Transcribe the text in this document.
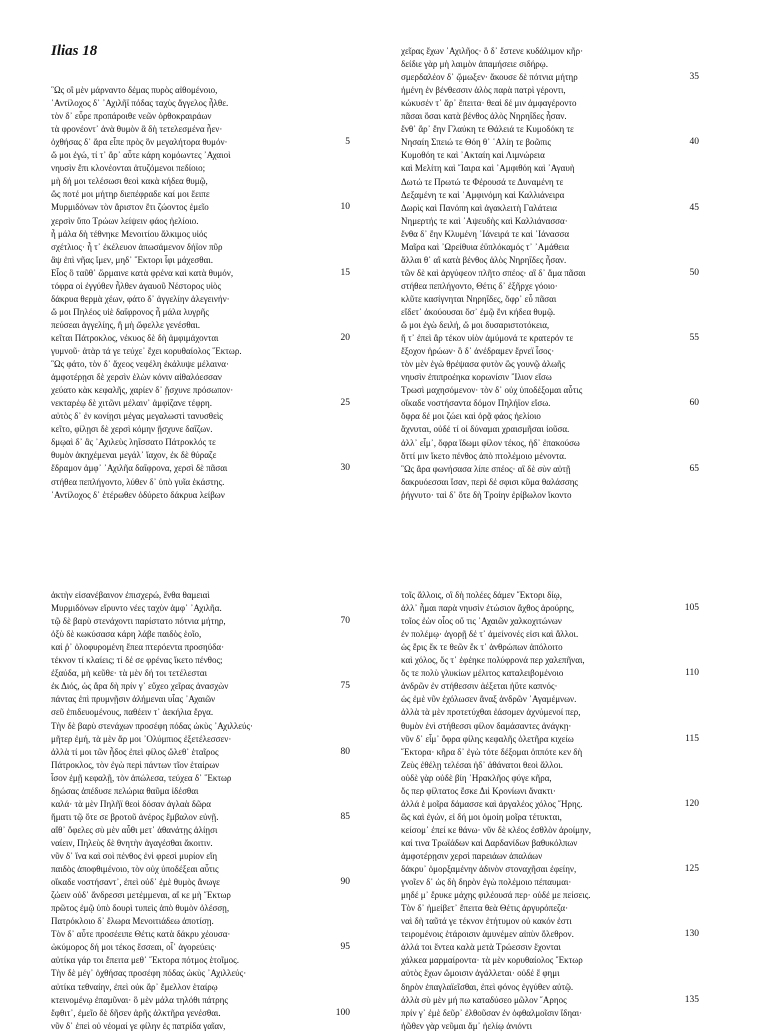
Ilias 18
῝Ως οἳ μὲν μάρναντο δέμας πυρὸς αἰθομένοιο,
᾽Αντίλοχος δ᾽ ᾽Αχιλῆϊ πόδας ταχὺς ἄγγελος ἦλθε.
τὸν δ᾽ εὗρε προπάροιθε νεῶν ὀρθοκραιράων
τὰ φρονέοντ᾽ ἀνὰ θυμὸν ἃ δὴ τετελεσμένα ἦεν·
ὀχθήσας δ᾽ ἄρα εἶπε πρὸς ὃν μεγαλήτορα θυμόν·
ὤ μοι ἐγώ, τί τ᾽ ἄρ᾽ αὖτε κάρη κομόωντες ᾽Αχαιοὶ
νηυσὶν ἔπι κλονέονται ἀτυζόμενοι πεδίοιο;
μὴ δή μοι τελέσωσι θεοὶ κακὰ κήδεα θυμῷ,
ὥς ποτέ μοι μήτηρ διεπέφραδε καί μοι ἔειπε
Μυρμιδόνων τὸν ἄριστον ἔτι ζώοντος ἐμεῖο
χερσὶν ὕπο Τρώων λείψειν φάος ἠελίοιο.
ἦ μάλα δὴ τέθνηκε Μενοιτίου ἄλκιμος υἱός
σχέτλιος· ἦ τ᾽ ἐκέλευον ἀπωσάμενον δήϊον πῦρ
ἂψ ἐπὶ νῆας ἴμεν, μηδ᾽ ῞Εκτορι ἶφι μάχεσθαι.
Εἷος ὃ ταῦθ᾽ ὥρμαινε κατὰ φρένα καὶ κατὰ θυμόν,
τόφρα οἱ ἐγγύθεν ἦλθεν ἀγαυοῦ Νέστορος υἱὸς
δάκρυα θερμὰ χέων, φάτο δ᾽ ἀγγελίην ἀλεγεινήν·
ὤ μοι Πηλέος υἱὲ δαΐφρονος ἦ μάλα λυγρῆς
πεύσεαι ἀγγελίης, ἣ μὴ ὤφελλε γενέσθαι.
κεῖται Πάτροκλος, νέκυος δὲ δὴ ἀμφιμάχονται
γυμνοῦ· ἀτὰρ τά γε τεύχε᾽ ἔχει κορυθαίολος ῞Εκτωρ.
῝Ως φάτο, τὸν δ᾽ ἄχεος νεφέλη ἐκάλυψε μέλαινα·
ἀμφοτέρῃσι δὲ χερσὶν ἑλὼν κόνιν αἰθαλόεσσαν
χεύατο κὰκ κεφαλῆς, χαρίεν δ᾽ ᾔσχυνε πρόσωπον·
νεκταρέῳ δὲ χιτῶνι μέλαιν᾽ ἀμφίζανε τέφρη.
αὐτὸς δ᾽ ἐν κονίῃσι μέγας μεγαλωστὶ τανυσθεὶς
κεῖτο, φίλῃσι δὲ χερσὶ κόμην ᾔσχυνε δαΐζων.
δμῳαὶ δ᾽ ἃς ᾽Αχιλεὺς ληΐσσατο Πάτροκλός τε
θυμὸν ἀκηχέμεναι μεγάλ᾽ ἴαχον, ἐκ δὲ θύραζε
ἔδραμον ἀμφ᾽ ᾽Αχιλῆα δαΐφρονα, χερσὶ δὲ πᾶσαι
στήθεα πεπλήγοντο, λύθεν δ᾽ ὑπὸ γυῖα ἑκάστης.
᾽Αντίλοχος δ᾽ ἑτέρωθεν ὀδύρετο δάκρυα λείβων
5
10
15
20
25
30
χεῖρας ἔχων ᾽Αχιλῆος· ὃ δ᾽ ἔστενε κυδάλιμον κῆρ·
δείδιε γὰρ μὴ λαιμὸν ἀπαμήσειε σιδήρῳ.
σμερδαλέον δ᾽ ᾤμωξεν· ἄκουσε δὲ πότνια μήτηρ
ἡμένη ἐν βένθεσσιν ἁλὸς παρὰ πατρὶ γέροντι,
κώκυσέν τ᾽ ἄρ᾽ ἔπειτα· θεαὶ δέ μιν ἀμφαγέροντο
πᾶσαι ὅσαι κατὰ βένθος ἁλὸς Νηρηΐδες ἦσαν.
ἔνθ᾽ ἄρ᾽ ἔην Γλαύκη τε Θάλειά τε Κυμοδόκη τε
Νησαίη Σπειώ τε Θόη θ᾽ ῾Αλίη τε βοῶπις
Κυμοθόη τε καὶ ᾽Ακταίη καὶ Λιμνώρεια
καὶ Μελίτη καὶ ῎Ιαιρα καὶ ᾽Αμφιθόη καὶ ᾽Αγαυὴ
Δωτώ τε Πρωτώ τε Φέρουσά τε Δυναμένη τε
Δεξαμένη τε καὶ ᾽Αμφινόμη καὶ Καλλιάνειρα
Δωρὶς καὶ Πανόπη καὶ ἀγακλειτὴ Γαλάτεια
Νημερτής τε καὶ ᾽Αψευδὴς καὶ Καλλιάνασσα·
ἔνθα δ᾽ ἔην Κλυμένη ᾽Ιάνειρά τε καὶ ᾽Ιάνασσα
Μαῖρα καὶ ᾽Ωρείθυια ἐϋπλόκαμός τ᾽ ᾽Αμάθεια
ἄλλαι θ᾽ αἳ κατὰ βένθος ἁλὸς Νηρηΐδες ἦσαν.
τῶν δὲ καὶ ἀργύφεον πλῆτο σπέος· αἳ δ᾽ ἅμα πᾶσαι
στήθεα πεπλήγοντο, Θέτις δ᾽ ἐξῆρχε γόοιο·
κλῦτε κασίγνηται Νηρηΐδες, ὄφρ᾽ εὖ πᾶσαι
εἴδετ᾽ ἀκούουσαι ὅσ᾽ ἐμῷ ἔνι κήδεα θυμῷ.
ὤ μοι ἐγὼ δειλή, ὤ μοι δυσαριστοτόκεια,
ἥ τ᾽ ἐπεὶ ἂρ τέκον υἱὸν ἀμύμονά τε κρατερόν τε
ἔξοχον ἡρώων· ὃ δ᾽ ἀνέδραμεν ἔρνεϊ ἶσος·
τὸν μὲν ἐγὼ θρέψασα φυτὸν ὣς γουνῷ ἀλωῆς
νηυσὶν ἐπιπροέηκα κορωνίσιν ῎Ιλιον εἴσω
Τρωσὶ μαχησόμενον· τὸν δ᾽ οὐχ ὑποδέξομαι αὖτις
οἴκαδε νοστήσαντα δόμον Πηλήϊον εἴσω.
ὄφρα δέ μοι ζώει καὶ ὁρᾷ φάος ἠελίοιο
ἄχνυται, οὐδέ τί οἱ δύναμαι χραισμῆσαι ἰοῦσα.
ἀλλ᾽ εἶμ᾽, ὄφρα ἴδωμι φίλον τέκος, ἠδ᾽ ἐπακούσω
ὅττί μιν ἵκετο πένθος ἀπὸ πτολέμοιο μένοντα.
῝Ως ἄρα φωνήσασα λίπε σπέος· αἳ δὲ σὺν αὐτῇ
δακρυόεσσαι ἴσαν, περὶ δέ σφισι κῦμα θαλάσσης
ῥήγνυτο· ταὶ δ᾽ ὅτε δὴ Τροίην ἐρίβωλον ἵκοντο
35
40
45
50
55
60
65
ἀκτὴν εἰσανέβαινον ἐπισχερώ, ἔνθα θαμειαὶ
Μυρμιδόνων εἴρυντο νέες ταχὺν ἀμφ᾽ ᾽Αχιλῆα.
τῷ δὲ βαρὺ στενάχοντι παρίστατο πότνια μήτηρ,
ὀξὺ δὲ κωκύσασα κάρη λάβε παιδὸς ἑοῖο,
καί ῥ᾽ ὀλοφυρομένη ἔπεα πτερόεντα προσηύδα·
τέκνον τί κλαίεις; τί δέ σε φρένας ἵκετο πένθος;
ἐξαύδα, μὴ κεῦθε· τὰ μὲν δή τοι τετέλεσται
ἐκ Διός, ὡς ἄρα δὴ πρίν γ᾽ εὔχεο χεῖρας ἀνασχὼν
πάντας ἐπὶ πρυμνῇσιν ἀλήμεναι υἷας ᾽Αχαιῶν
σεῦ ἐπιδευομένους, παθέειν τ᾽ ἀεκήλια ἔργα.
Τὴν δὲ βαρὺ στενάχων προσέφη πόδας ὠκὺς ᾽Αχιλλεύς·
μῆτερ ἐμή, τὰ μὲν ἄρ μοι ᾽Ολύμπιος ἐξετέλεσσεν·
ἀλλὰ τί μοι τῶν ἦδος ἐπεὶ φίλος ὤλεθ᾽ ἑταῖρος
Πάτροκλος, τὸν ἐγὼ περὶ πάντων τῖον ἑταίρων
ἶσον ἐμῇ κεφαλῇ, τὸν ἀπώλεσα, τεύχεα δ᾽ ῞Εκτωρ
δῃώσας ἀπέδυσε πελώρια θαῦμα ἰδέσθαι
καλά· τὰ μὲν Πηλῆϊ θεοὶ δόσαν ἀγλαὰ δῶρα
ἤματι τῷ ὅτε σε βροτοῦ ἀνέρος ἔμβαλον εὐνῇ.
αἴθ᾽ ὄφελες σὺ μὲν αὖθι μετ᾽ ἀθανάτῃς ἁλίῃσι
ναίειν, Πηλεὺς δὲ θνητὴν ἀγαγέσθαι ἄκοιτιν.
νῦν δ᾽ ἵνα καὶ σοὶ πένθος ἐνὶ φρεσὶ μυρίον εἴη
παιδὸς ἀποφθιμένοιο, τὸν οὐχ ὑποδέξεαι αὖτις
οἴκαδε νοστήσαντ᾽, ἐπεὶ οὐδ᾽ ἐμὲ θυμὸς ἄνωγε
ζώειν οὐδ᾽ ἄνδρεσσι μετέμμεναι, αἴ κε μὴ ῞Εκτωρ
πρῶτος ἐμῷ ὑπὸ δουρὶ τυπεὶς ἀπὸ θυμὸν ὀλέσσῃ,
Πατρόκλοιο δ᾽ ἕλωρα Μενοιτιάδεω ἀποτίσῃ.
Τὸν δ᾽ αὖτε προσέειπε Θέτις κατὰ δάκρυ χέουσα·
ὠκύμορος δή μοι τέκος ἔσσεαι, οἷ᾽ ἀγορεύεις·
αὐτίκα γάρ τοι ἔπειτα μεθ᾽ ῞Εκτορα πότμος ἑτοῖμος.
Τὴν δὲ μέγ᾽ ὀχθήσας προσέφη πόδας ὠκὺς ᾽Αχιλλεύς·
αὐτίκα τεθναίην, ἐπεὶ οὐκ ἄρ᾽ ἔμελλον ἑταίρῳ
κτεινομένῳ ἐπαμῦναι· ὃ μὲν μάλα τηλόθι πάτρης
ἔφθιτ᾽, ἐμεῖο δὲ δῆσεν ἀρῆς ἀλκτῆρα γενέσθαι.
νῦν δ᾽ ἐπεὶ οὐ νέομαί γε φίλην ἐς πατρίδα γαῖαν,
70
75
80
85
90
95
100
τοῖς ἄλλοις, οἳ δὴ πολέες δάμεν ῞Εκτορι δίῳ,
ἀλλ᾽ ἧμαι παρὰ νηυσὶν ἐτώσιον ἄχθος ἀρούρης,
τοῖος ἐὼν οἷος οὔ τις ᾽Αχαιῶν χαλκοχιτώνων
ἐν πολέμῳ· ἀγορῇ δέ τ᾽ ἀμείνονές εἰσι καὶ ἄλλοι.
ὡς ἔρις ἔκ τε θεῶν ἔκ τ᾽ ἀνθρώπων ἀπόλοιτο
καὶ χόλος, ὅς τ᾽ ἐφέηκε πολύφρονά περ χαλεπῆναι,
ὅς τε πολὺ γλυκίων μέλιτος καταλειβομένοιο
ἀνδρῶν ἐν στήθεσσιν ἀέξεται ἠΰτε καπνός·
ὡς ἐμὲ νῦν ἐχόλωσεν ἄναξ ἀνδρῶν ᾽Αγαμέμνων.
ἀλλὰ τὰ μὲν προτετύχθαι ἐάσομεν ἀχνύμενοί περ,
θυμὸν ἐνὶ στήθεσσι φίλον δαμάσαντες ἀνάγκῃ·
νῦν δ᾽ εἶμ᾽ ὄφρα φίλης κεφαλῆς ὀλετῆρα κιχείω
῞Εκτορα· κῆρα δ᾽ ἐγὼ τότε δέξομαι ὁππότε κεν δὴ
Ζεὺς ἐθέλῃ τελέσαι ἠδ᾽ ἀθάνατοι θεοὶ ἄλλοι.
οὐδὲ γὰρ οὐδὲ βίη ῾Ηρακλῆος φύγε κῆρα,
ὅς περ φίλτατος ἔσκε Διὶ Κρονίωνι ἄνακτι·
ἀλλά ἑ μοῖρα δάμασσε καὶ ἀργαλέος χόλος ῞Ηρης.
ὣς καὶ ἐγών, εἰ δή μοι ὁμοίη μοῖρα τέτυκται,
κείσομ᾽ ἐπεί κε θάνω· νῦν δὲ κλέος ἐσθλὸν ἀροίμην,
καί τινα Τρωϊάδων καὶ Δαρδανίδων βαθυκόλπων
ἀμφοτέρῃσιν χερσὶ παρειάων ἁπαλάων
δάκρυ᾽ ὀμορξαμένην ἁδινὸν στοναχῆσαι ἐφείην,
γνοῖεν δ᾽ ὡς δὴ δηρὸν ἐγὼ πολέμοιο πέπαυμαι·
μηδέ μ᾽ ἔρυκε μάχης φιλέουσά περ· οὐδέ με πείσεις.
Τὸν δ᾽ ἠμείβετ᾽ ἔπειτα θεὰ Θέτις ἀργυρόπεζα·
ναὶ δὴ ταῦτά γε τέκνον ἐτήτυμον οὐ κακόν ἐστι
τειρομένοις ἑτάροισιν ἀμυνέμεν αἰπὺν ὄλεθρον.
ἀλλά τοι ἔντεα καλὰ μετὰ Τρώεσσιν ἔχονται
χάλκεα μαρμαίροντα· τὰ μὲν κορυθαίολος ῞Εκτωρ
αὐτὸς ἔχων ὤμοισιν ἀγάλλεται· οὐδέ ἕ φημι
δηρὸν ἐπαγλαϊεῖσθαι, ἐπεὶ φόνος ἐγγύθεν αὐτῷ.
ἀλλὰ σὺ μὲν μή πω καταδύσεο μῶλον ῎Αρηος
πρίν γ᾽ ἐμὲ δεῦρ᾽ ἐλθοῦσαν ἐν ὀφθαλμοῖσιν ἴδηαι·
ἠῶθεν γὰρ νεῦμαι ἅμ᾽ ἠελίῳ ἀνιόντι
105
110
115
120
125
130
135
